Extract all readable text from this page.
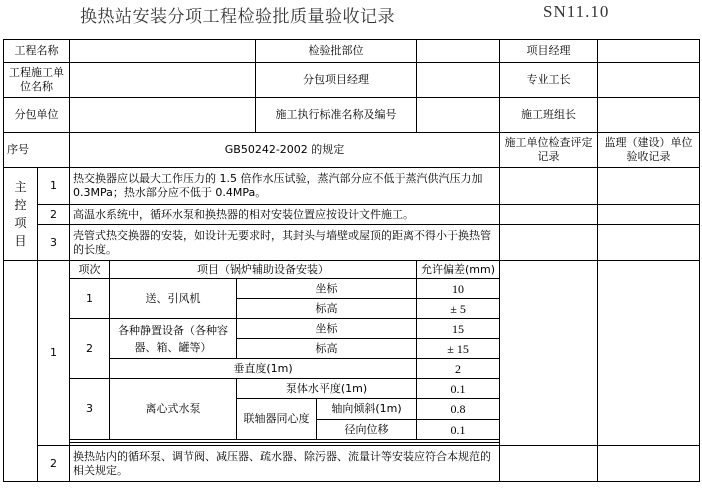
换热站安装分项工程检验批质量验收记录	SN11.10
工程名称					检验批部位			项目经理	
工程施工单位名称					分包项目经理			专业工长	
分包单位					施工执行标准名称及编号			施工班组长	
序号		GB50242-2002 的规定						施工单位检查评定记录	监理（建设）单位验收记录

主控项目	1	热交换器应以最大工作压力的 1.5 倍作水压试验，蒸汽部分应不低于蒸汽供汽压力加 0.3MPa；热水部分应不低于 0.4MPa。							
	2	高温水系统中，循环水泵和换热器的相对安装位置应按设计文件施工。							
	3	壳管式热交换器的安装，如设计无要求时，其封头与墙壁或屋顶的距离不得小于换热管的长度。							
	1	项次	项目（锅炉辅助设备安装）				允许偏差(mm)		
		1	送、引风机	坐标			10		
				标高			± 5		
		2	各种静置设备（各种容器、箱、罐等）	坐标			15		
				标高			± 15		
			垂直度(1m)				2		
		3	离心式水泵	泵体水平度(1m)			0.1		
				联轴器同心度		轴向倾斜(1m)	0.8		
						径向位移	0.1		

	2	换热站内的循环泵、调节阀、减压器、疏水器、除污器、流量计等安装应符合本规范的相关规定。							
